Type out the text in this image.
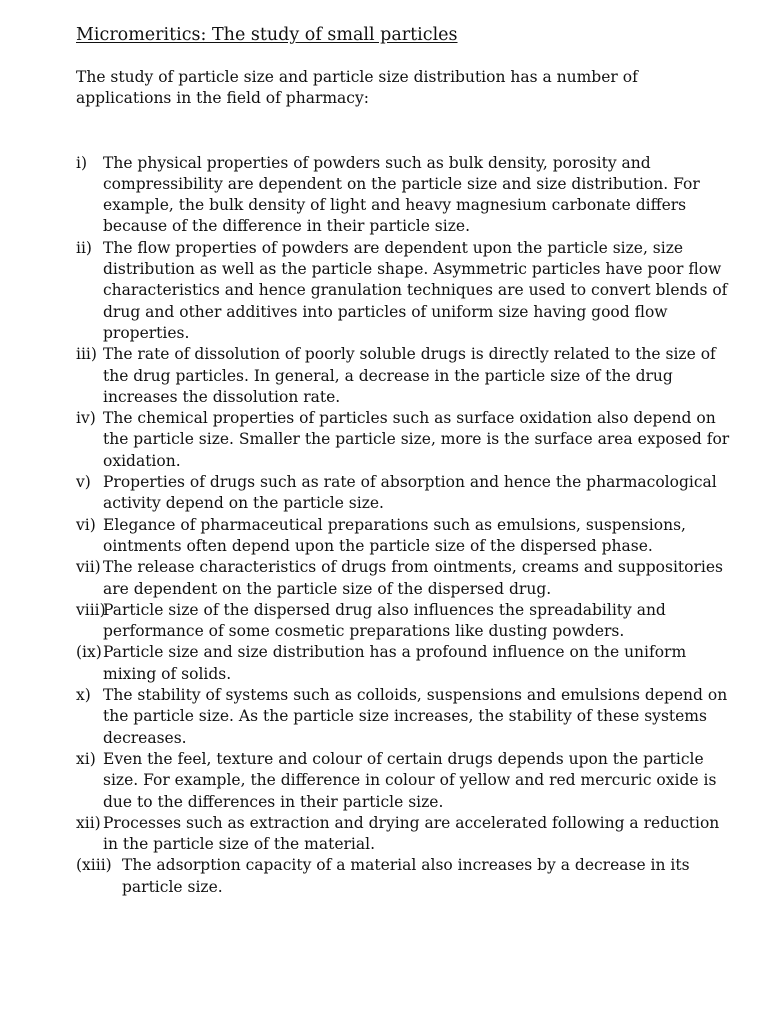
Micromeritics: The study of small particles

The study of particle size and particle size distribution has a number of applications in the field of pharmacy:

i) The physical properties of powders such as bulk density, porosity and compressibility are dependent on the particle size and size distribution. For example, the bulk density of light and heavy magnesium carbonate differs because of the difference in their particle size.
ii) The flow properties of powders are dependent upon the particle size, size distribution as well as the particle shape. Asymmetric particles have poor flow characteristics and hence granulation techniques are used to convert blends of drug and other additives into particles of uniform size having good flow properties.
iii) The rate of dissolution of poorly soluble drugs is directly related to the size of the drug particles. In general, a decrease in the particle size of the drug increases the dissolution rate.
iv) The chemical properties of particles such as surface oxidation also depend on the particle size. Smaller the particle size, more is the surface area exposed for oxidation.
v) Properties of drugs such as rate of absorption and hence the pharmacological activity depend on the particle size.
vi) Elegance of pharmaceutical preparations such as emulsions, suspensions, ointments often depend upon the particle size of the dispersed phase.
vii) The release characteristics of drugs from ointments, creams and suppositories are dependent on the particle size of the dispersed drug.
viii)
Particle size of the dispersed drug also influences the spreadability and performance of some cosmetic preparations like dusting powders.
(ix) Particle size and size distribution has a profound influence on the uniform mixing of solids.
x) The stability of systems such as colloids, suspensions and emulsions depend on the particle size. As the particle size increases, the stability of these systems decreases.
xi) Even the feel, texture and colour of certain drugs depends upon the particle size. For example, the difference in colour of yellow and red mercuric oxide is due to the differences in their particle size.
xii) Processes such as extraction and drying are accelerated following a reduction in the particle size of the material.
(xiii) The adsorption capacity of a material also increases by a decrease in its particle size.
